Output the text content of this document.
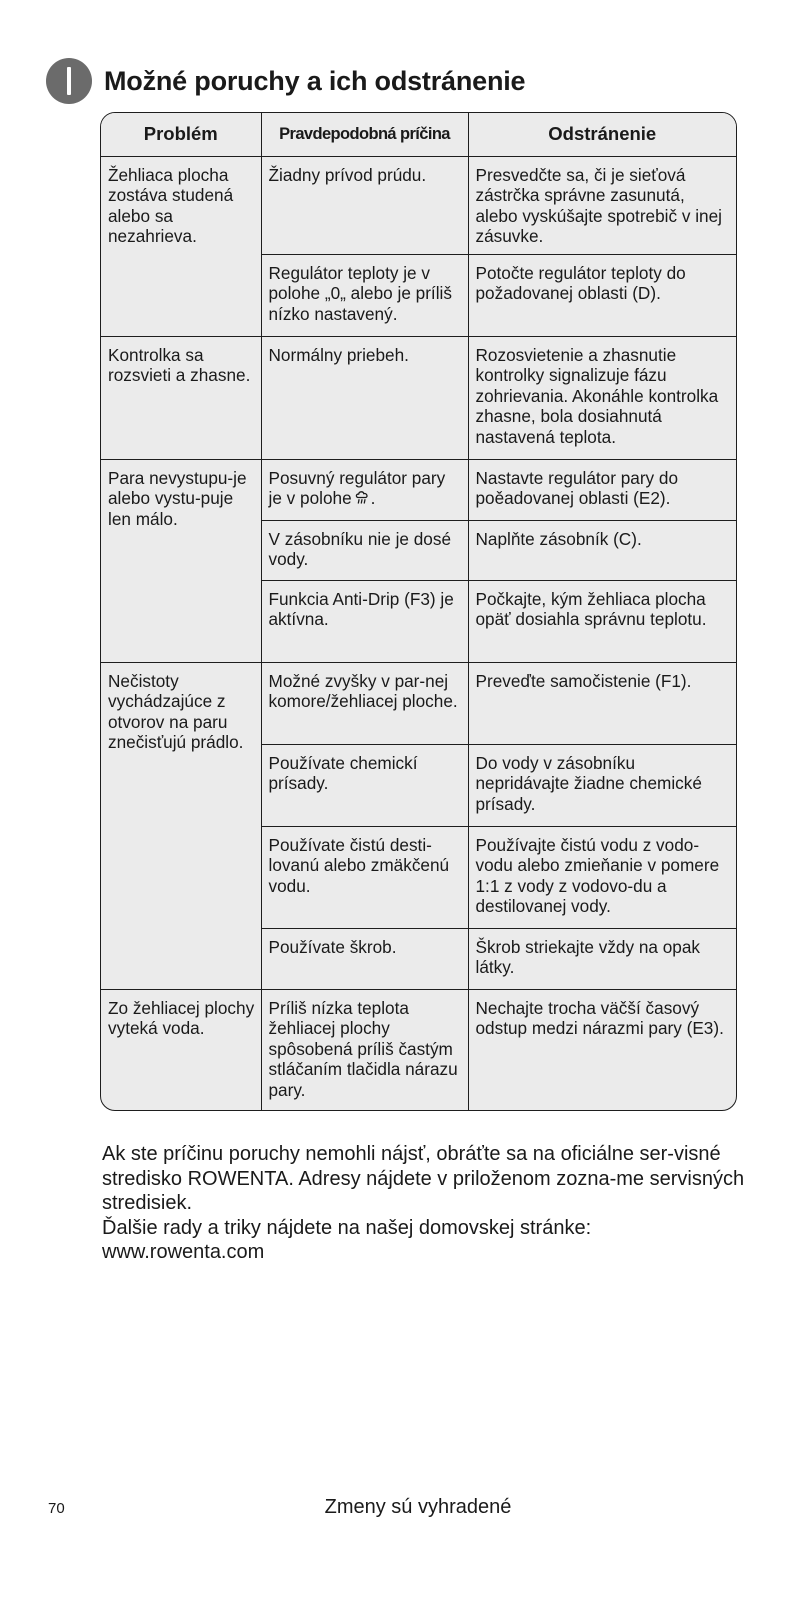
Možné poruchy a ich odstránenie
Problém	Pravdepodobná príčina	Odstránenie
Žehliaca plocha zostáva studená alebo sa nezahrieva.	Žiadny prívod prúdu.	Presvedčte sa, či je sieťová zástrčka správne zasunutá, alebo vyskúšajte spotrebič v inej zásuvke.
	Regulátor teploty je v polohe „0„ alebo je príliš nízko nastavený.	Potočte regulátor teploty do požadovanej oblasti (D).
Kontrolka sa rozsvieti a zhasne.	Normálny priebeh.	Rozosvietenie a zhasnutie kontrolky signalizuje fázu zohrievania. Akonáhle kontrolka zhasne, bola dosiahnutá nastavená teplota.
Para nevystupu-je alebo vystu-puje len málo.	Posuvný regulátor pary je v polohe .	Nastavte regulátor pary do poěadovanej oblasti (E2).
	V zásobníku nie je dosé vody.	Naplňte zásobník (C).
	Funkcia Anti-Drip (F3) je aktívna.	Počkajte, kým žehliaca plocha opäť dosiahla správnu teplotu.
Nečistoty vychádzajúce z otvorov na paru znečisťujú prádlo.	Možné zvyšky v par-nej komore/žehliacej ploche.	Preveďte samočistenie (F1).
	Používate chemickí prísady.	Do vody v zásobníku nepridávajte žiadne chemické prísady.
	Používate čistú desti-lovanú alebo zmäkčenú vodu.	Používajte čistú vodu z vodo-vodu alebo zmieňanie v pomere 1:1 z vody z vodovo-du a destilovanej vody.
	Používate škrob.	Škrob striekajte vždy na opak látky.
Zo žehliacej plochy vyteká voda.	Príliš nízka teplota žehliacej plochy spôsobená príliš častým stláčaním tlačidla nárazu pary.	Nechajte trocha väčší časový odstup medzi nárazmi pary (E3).

Ak ste príčinu poruchy nemohli nájsť, obráťte sa na oficiálne ser-visné stredisko ROWENTA. Adresy nájdete v priloženom zozna-me servisných stredisiek.

Ďalšie rady a triky nájdete na našej domovskej stránke:

www.rowenta.com

70	Zmeny sú vyhradené
